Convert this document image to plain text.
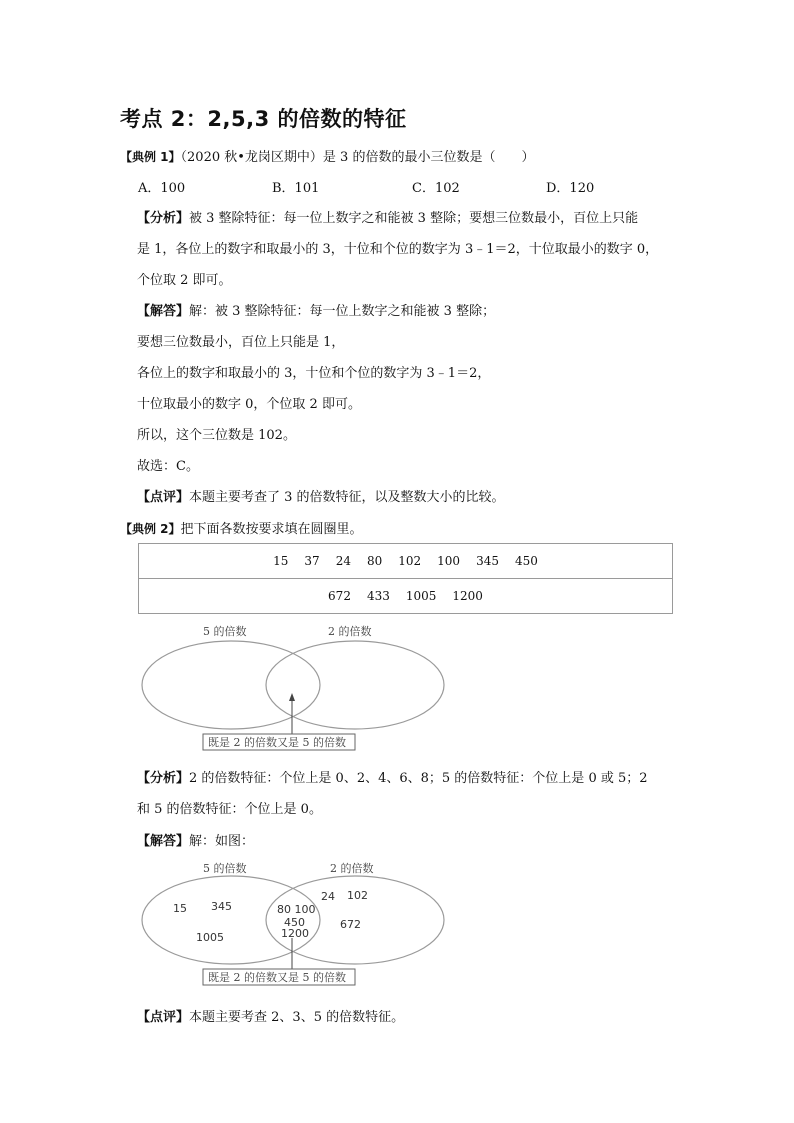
考点 2：2,5,3 的倍数的特征
【典例 1】（2020 秋•龙岗区期中）是 3 的倍数的最小三位数是（　　）
A．100	B．101	C．102	D．120
【分析】被 3 整除特征：每一位上数字之和能被 3 整除；要想三位数最小，百位上只能
是 1，各位上的数字和取最小的 3，十位和个位的数字为 3﹣1＝2，十位取最小的数字 0，
个位取 2 即可。
【解答】解：被 3 整除特征：每一位上数字之和能被 3 整除；
要想三位数最小，百位上只能是 1，
各位上的数字和取最小的 3，十位和个位的数字为 3﹣1＝2，
十位取最小的数字 0，个位取 2 即可。
所以，这个三位数是 102。
故选：C。
【点评】本题主要考查了 3 的倍数特征，以及整数大小的比较。
【典例 2】把下面各数按要求填在圆圈里。
15 37 24 80 102 100 345 450
672 433 1005 1200
5 的倍数	2 的倍数
既是 2 的倍数又是 5 的倍数
5 的倍数	2 的倍数
15 345
1005
80 100
450
1200
24 102
672
既是 2 的倍数又是 5 的倍数
【分析】2 的倍数特征：个位上是 0、2、4、6、8；5 的倍数特征：个位上是 0 或 5；2
和 5 的倍数特征：个位上是 0。
【解答】解：如图：
【点评】本题主要考查 2、3、5 的倍数特征。
